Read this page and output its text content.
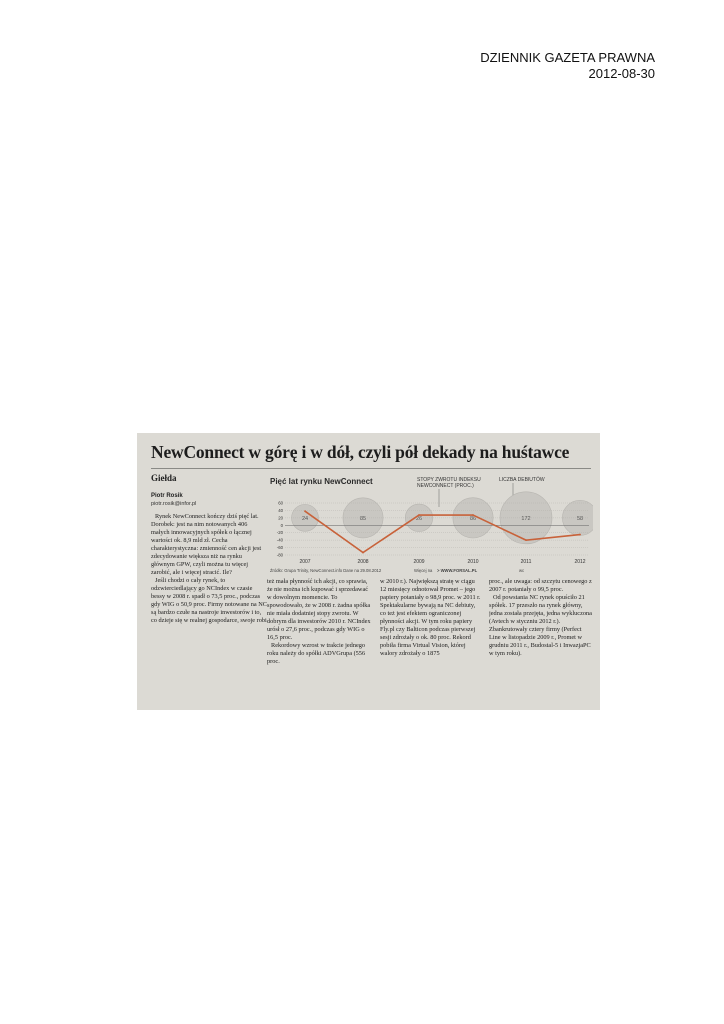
DZIENNIK GAZETA PRAWNA
2012-08-30
NewConnect w górę i w dół, czyli pół dekady na huśtawce
Giełda
Piotr Rosik
piotr.rosik@infor.pl
Pięć lat rynku NewConnect	STOPY ZWROTU INDEKSU
NEWCONNECT (PROC.)
LICZBA DEBIUTÓW
24	85	26	86	172	58
60
40
20
0
-20
-40
-60
-80
2007	2008	2009	2010	2011	2012
Źródło: Grupa Trinity, NewConnect.info Dane na 29.08.2012	Więcej na > WWW.FORSAL.PL	wc

Rynek NewConnect kończy dziś pięć lat. Dorobek: jest na nim notowanych 406 małych innowacyjnych spółek o łącznej wartości ok. 8,9 mld zł. Cecha charakterystyczna: zmienność cen akcji jest zdecydowanie większa niż na rynku głównym GPW, czyli można tu więcej zarobić, ale i więcej stracić. Ile?

Jeśli chodzi o cały rynek, to odzwierciedlający go NCIndex w czasie bessy w 2008 r. spadł o 73,5 proc., podczas gdy WIG o 50,9 proc. Firmy notowane na NC są bardzo czułe na nastroje inwestorów i to, co dzieje się w realnej gospodarce, swoje robi

też mała płynność ich akcji, co sprawia, że nie można ich kupować i sprzedawać w dowolnym momencie. To spowodowało, że w 2008 r. żadna spółka nie miała dodatniej stopy zwrotu. W dobrym dla inwestorów 2010 r. NCIndex urósł o 27,6 proc., podczas gdy WIG o 16,5 proc.

Rekordowy wzrost w trakcie jednego roku należy do spółki ADVGrupa (556 proc.

w 2010 r.). Największą stratę w ciągu 12 miesięcy odnotował Promet – jego papiery potaniały o 98,9 proc. w 2011 r. Spektakularne bywają na NC debiuty, co też jest efektem ograniczonej płynności akcji. W tym roku papiery Fly.pl czy Balticon podczas pierwszej sesji zdrożały o ok. 80 proc. Rekord pobiła firma Virtual Vision, której walory zdrożały o 1875

proc., ale uwaga: od szczytu cenowego z 2007 r. potaniały o 99,5 proc.

Od powstania NC rynek opuściło 21 spółek. 17 przeszło na rynek główny, jedna została przejęta, jedna wykluczona (Avtech w styczniu 2012 r.). Zbankrutowały cztery firmy (Perfect Line w listopadzie 2009 r., Promet w grudniu 2011 r., Budostal-5 i InwazjaPC w tym roku).
